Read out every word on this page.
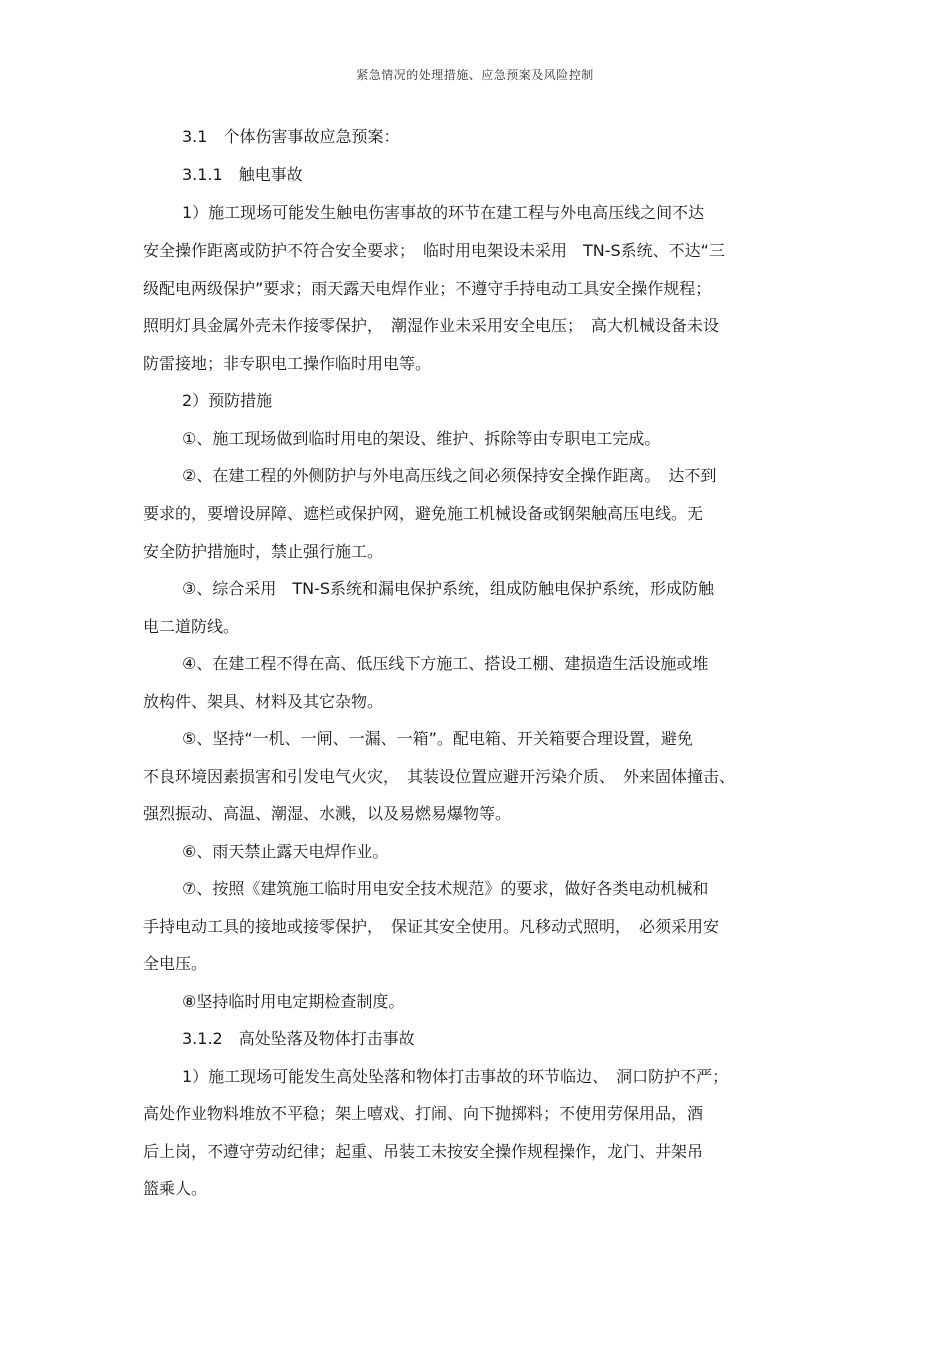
紧急情况的处理措施、应急预案及风险控制
3.1　个体伤害事故应急预案：
3.1.1　触电事故
1）施工现场可能发生触电伤害事故的环节在建工程与外电高压线之间不达
安全操作距离或防护不符合安全要求；　临时用电架设未采用　TN-S系统、不达“三
级配电两级保护”要求；雨天露天电焊作业；不遵守手持电动工具安全操作规程；
照明灯具金属外壳未作接零保护，　潮湿作业未采用安全电压；　高大机械设备未设
防雷接地；非专职电工操作临时用电等。
2）预防措施
①、施工现场做到临时用电的架设、维护、拆除等由专职电工完成。
②、在建工程的外侧防护与外电高压线之间必须保持安全操作距离。　达不到
要求的，要增设屏障、遮栏或保护网，避免施工机械设备或钢架触高压电线。无
安全防护措施时，禁止强行施工。
③、综合采用　TN-S系统和漏电保护系统，组成防触电保护系统，形成防触
电二道防线。
④、在建工程不得在高、低压线下方施工、搭设工棚、建损造生活设施或堆
放构件、架具、材料及其它杂物。
⑤、坚持“一机、一闸、一漏、一箱”。配电箱、开关箱要合理设置，避免
不良环境因素损害和引发电气火灾，　其装设位置应避开污染介质、　外来固体撞击、
强烈振动、高温、潮湿、水溅，以及易燃易爆物等。
⑥、雨天禁止露天电焊作业。
⑦、按照《建筑施工临时用电安全技术规范》的要求，做好各类电动机械和
手持电动工具的接地或接零保护，　保证其安全使用。凡移动式照明，　必须采用安
全电压。
⑧坚持临时用电定期检查制度。
3.1.2　高处坠落及物体打击事故
1）施工现场可能发生高处坠落和物体打击事故的环节临边、　洞口防护不严；
高处作业物料堆放不平稳；架上嘻戏、打闹、向下抛掷料；不使用劳保用品，酒
后上岗，不遵守劳动纪律；起重、吊装工未按安全操作规程操作，龙门、井架吊
篮乘人。
